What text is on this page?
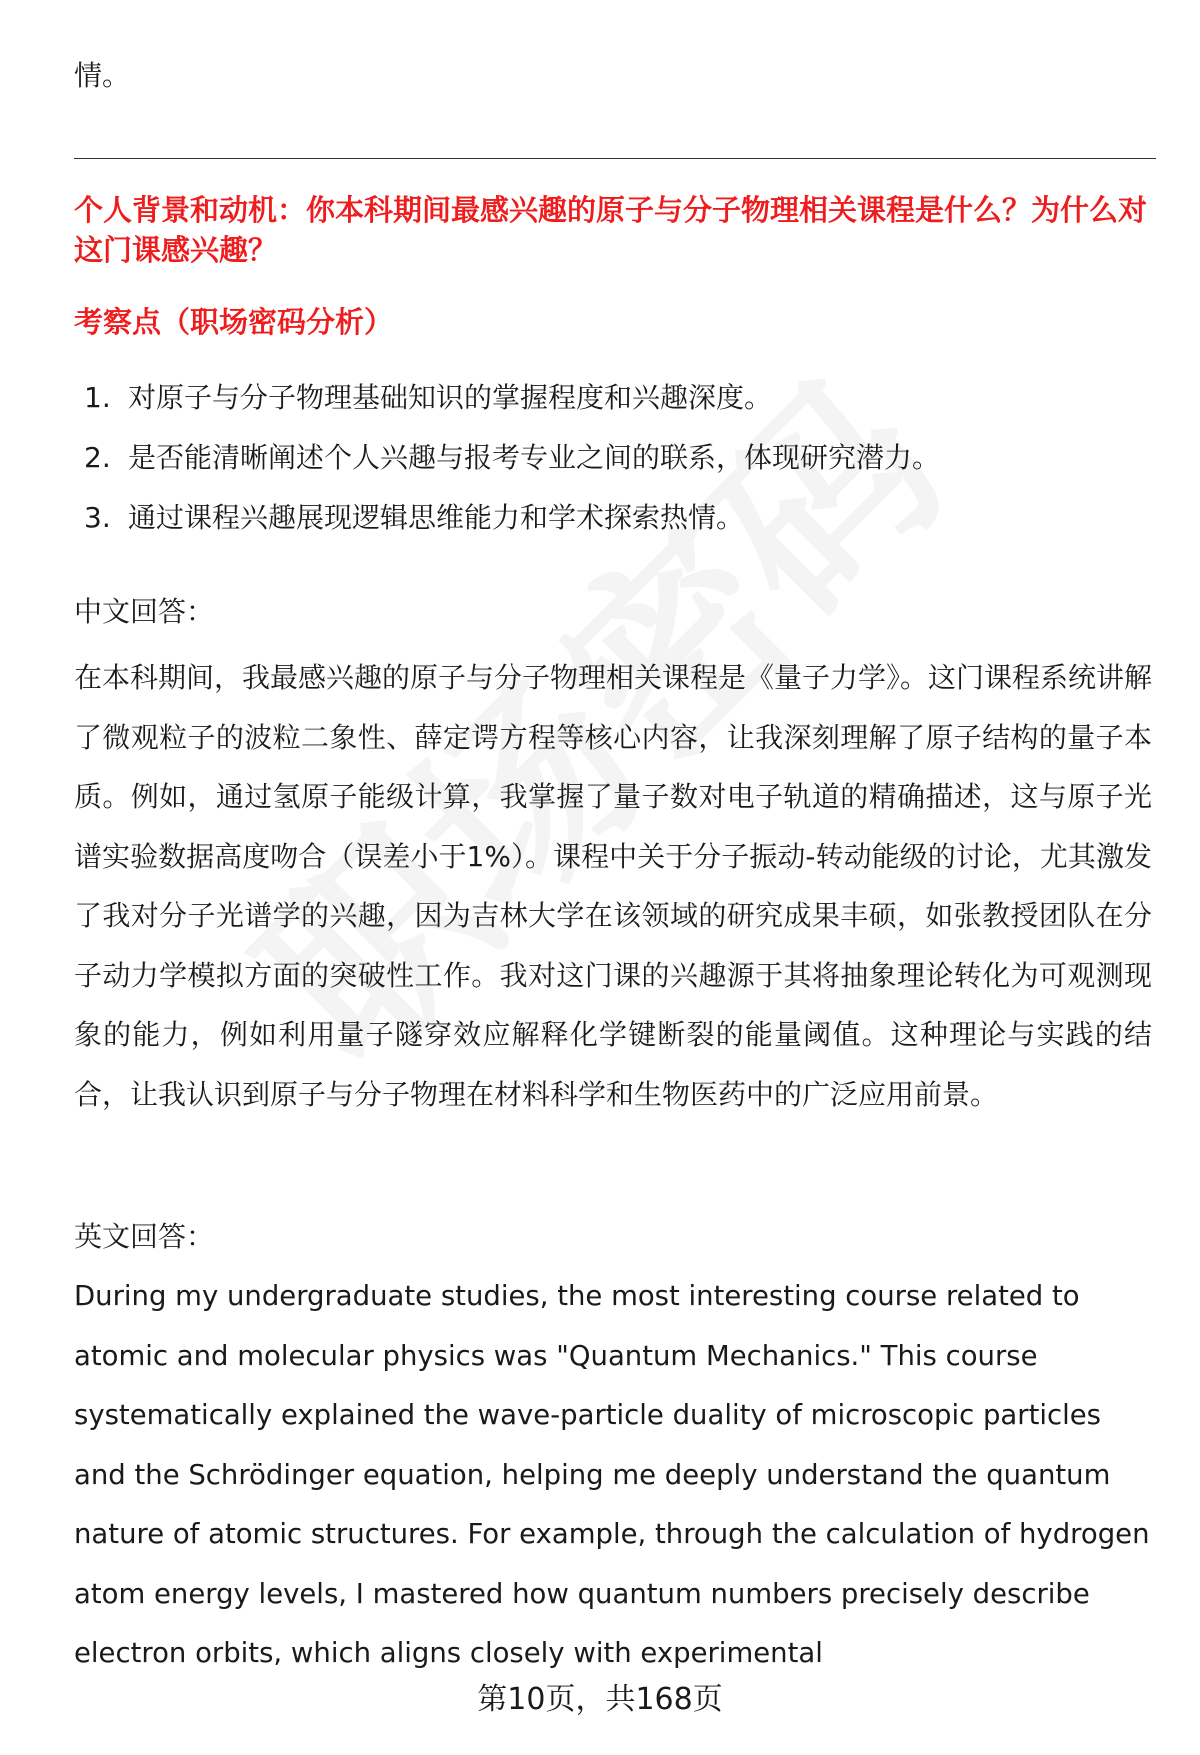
情。
个人背景和动机：你本科期间最感兴趣的原子与分子物理相关课程是什么？为什么对这门课感兴趣？
考察点（职场密码分析）
1. 对原子与分子物理基础知识的掌握程度和兴趣深度。
2. 是否能清晰阐述个人兴趣与报考专业之间的联系，体现研究潜力。
3. 通过课程兴趣展现逻辑思维能力和学术探索热情。
中文回答：
在本科期间，我最感兴趣的原子与分子物理相关课程是《量子力学》。这门课程系统讲解了微观粒子的波粒二象性、薛定谔方程等核心内容，让我深刻理解了原子结构的量子本质。例如，通过氢原子能级计算，我掌握了量子数对电子轨道的精确描述，这与原子光谱实验数据高度吻合（误差小于1%）。课程中关于分子振动-转动能级的讨论，尤其激发了我对分子光谱学的兴趣，因为吉林大学在该领域的研究成果丰硕，如张教授团队在分子动力学模拟方面的突破性工作。我对这门课的兴趣源于其将抽象理论转化为可观测现象的能力，例如利用量子隧穿效应解释化学键断裂的能量阈值。这种理论与实践的结合，让我认识到原子与分子物理在材料科学和生物医药中的广泛应用前景。
英文回答：
During my undergraduate studies, the most interesting course related to atomic and molecular physics was "Quantum Mechanics." This course systematically explained the wave-particle duality of microscopic particles and the Schrödinger equation, helping me deeply understand the quantum nature of atomic structures. For example, through the calculation of hydrogen atom energy levels, I mastered how quantum numbers precisely describe electron orbits, which aligns closely with experimental
第10页，共168页
